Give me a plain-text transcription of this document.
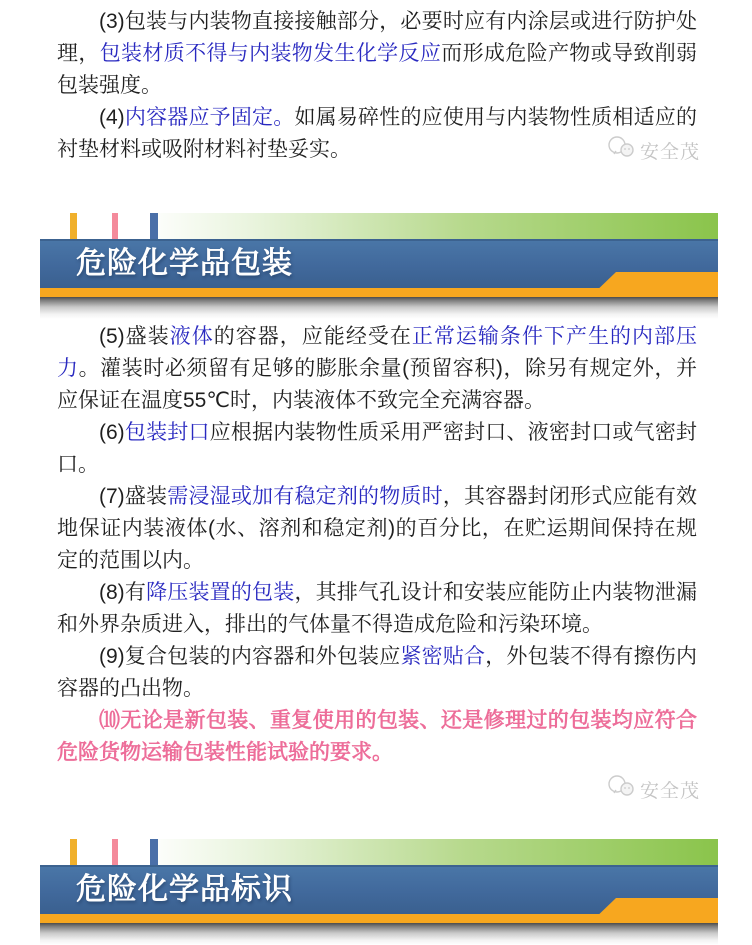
(3)包装与内装物直接接触部分，必要时应有内涂层或进行防护处理，包装材质不得与内装物发生化学反应而形成危险产物或导致削弱包装强度。

(4)内容器应予固定。如属易碎性的应使用与内装物性质相适应的衬垫材料或吸附材料衬垫妥实。	安全茂
危险化学品包装

(5)盛装液体的容器，应能经受在正常运输条件下产生的内部压力。灌装时必须留有足够的膨胀余量(预留容积)，除另有规定外，并应保证在温度55℃时，内装液体不致完全充满容器。

(6)包装封口应根据内装物性质采用严密封口、液密封口或气密封口。

(7)盛装需浸湿或加有稳定剂的物质时，其容器封闭形式应能有效地保证内装液体(水、溶剂和稳定剂)的百分比，在贮运期间保持在规定的范围以内。

(8)有降压装置的包装，其排气孔设计和安装应能防止内装物泄漏和外界杂质进入，排出的气体量不得造成危险和污染环境。

(9)复合包装的内容器和外包装应紧密贴合，外包装不得有擦伤内容器的凸出物。

⑽无论是新包装、重复使用的包装、还是修理过的包装均应符合危险货物运输包装性能试验的要求。

安全茂
危险化学品标识
